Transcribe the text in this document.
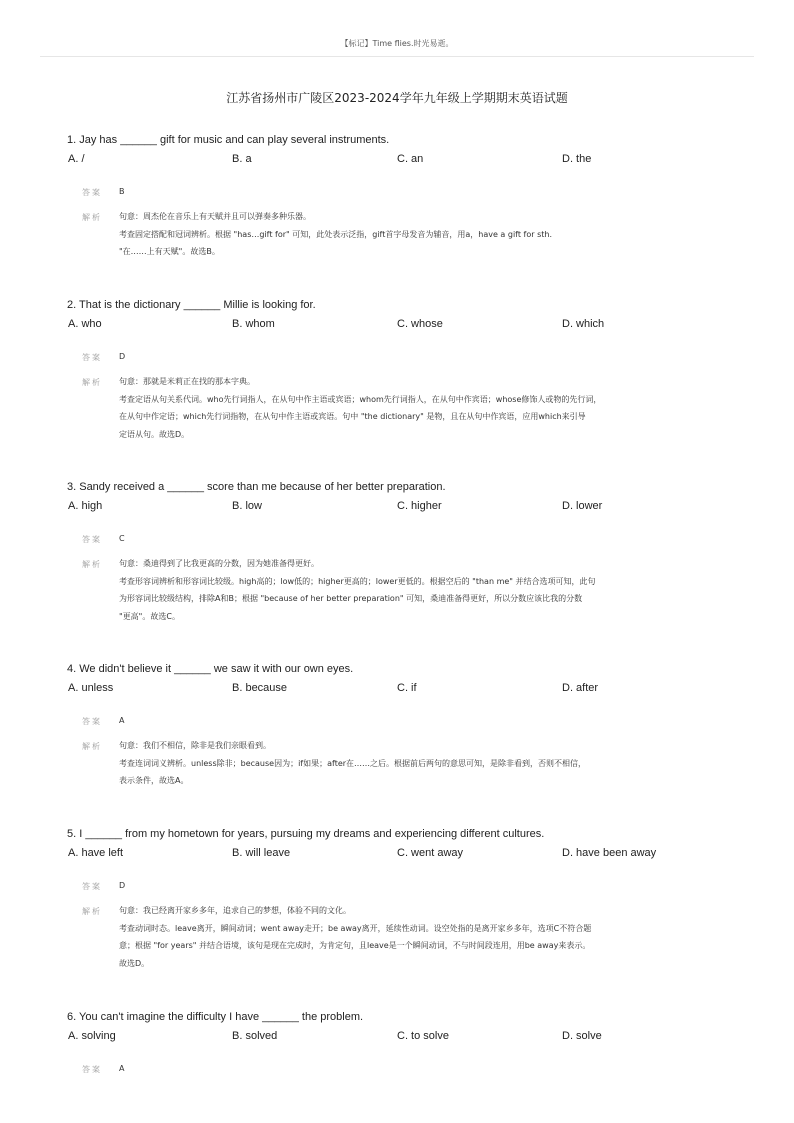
【标记】Time flies.时光易逝。
江苏省扬州市广陵区2023-2024学年九年级上学期期末英语试题
1. Jay has ______ gift for music and can play several instruments.
A. /	B. a	C. an	D. the
答案 B
解析 句意：周杰伦在音乐上有天赋并且可以弹奏多种乐器。
考查固定搭配和冠词辨析。根据 "has…gift for" 可知，此处表示泛指，gift首字母发音为辅音，用a，have a gift for sth.
"在……上有天赋"。故选B。
2. That is the dictionary ______ Millie is looking for.
A. who	B. whom	C. whose	D. which
答案 D
解析 句意：那就是米莉正在找的那本字典。
考查定语从句关系代词。who先行词指人，在从句中作主语或宾语；whom先行词指人，在从句中作宾语；whose修饰人或物的先行词，
在从句中作定语；which先行词指物，在从句中作主语或宾语。句中 "the dictionary" 是物，且在从句中作宾语，应用which来引导
定语从句。故选D。
3. Sandy received a ______ score than me because of her better preparation.
A. high	B. low	C. higher	D. lower
答案 C
解析 句意：桑迪得到了比我更高的分数，因为她准备得更好。
考查形容词辨析和形容词比较级。high高的；low低的；higher更高的；lower更低的。根据空后的 "than me" 并结合选项可知，此句
为形容词比较级结构，排除A和B；根据 "because of her better preparation" 可知，桑迪准备得更好，所以分数应该比我的分数
"更高"。故选C。
4. We didn't believe it ______ we saw it with our own eyes.
A. unless	B. because	C. if	D. after
答案 A
解析 句意：我们不相信，除非是我们亲眼看到。
考查连词词义辨析。unless除非；because因为；if如果；after在……之后。根据前后两句的意思可知，是除非看到，否则不相信，
表示条件，故选A。
5. I ______ from my hometown for years, pursuing my dreams and experiencing different cultures.
A. have left	B. will leave	C. went away	D. have been away
答案 D
解析 句意：我已经离开家乡多年，追求自己的梦想，体验不同的文化。
考查动词时态。leave离开，瞬间动词；went away走开；be away离开，延续性动词。设空处指的是离开家乡多年，选项C不符合题
意；根据 "for years" 并结合语境，该句是现在完成时，为肯定句，且leave是一个瞬间动词，不与时间段连用，用be away来表示。
故选D。
6. You can't imagine the difficulty I have ______ the problem.
A. solving	B. solved	C. to solve	D. solve
答案 A
